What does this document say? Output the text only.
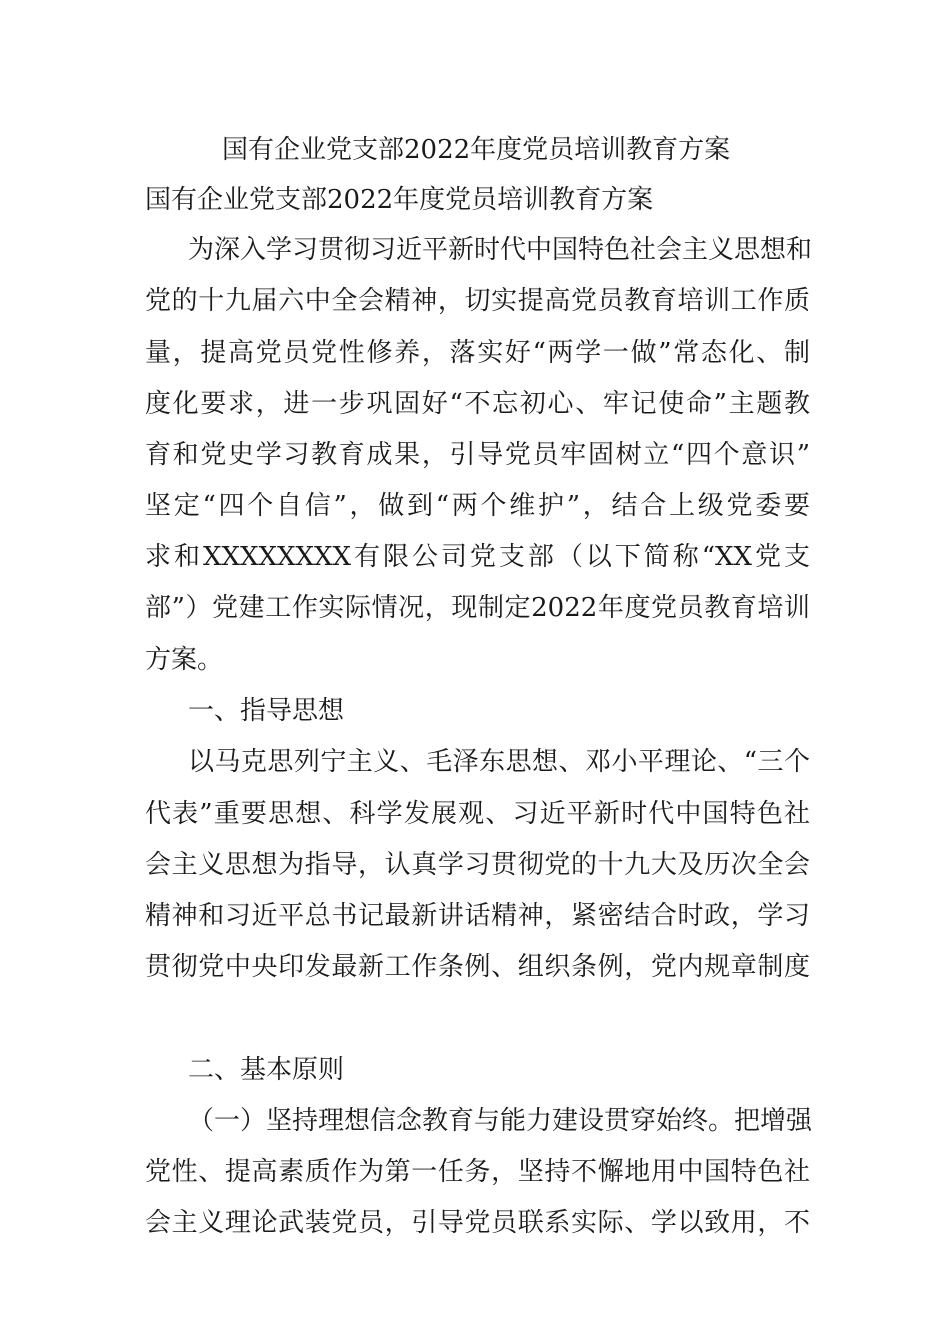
国有企业党支部2022年度党员培训教育方案
国有企业党支部2022年度党员培训教育方案
为深入学习贯彻习近平新时代中国特色社会主义思想和
党的十九届六中全会精神，切实提高党员教育培训工作质
量，提高党员党性修养，落实好“两学一做”常态化、制
度化要求，进一步巩固好“不忘初心、牢记使命”主题教
育和党史学习教育成果，引导党员牢固树立“四个意识”
坚定“四个自信”，做到“两个维护”，结合上级党委要
求和XXXXXXXX有限公司党支部（以下简称“XX党支
部”）党建工作实际情况，现制定2022年度党员教育培训
方案。
一、指导思想
以马克思列宁主义、毛泽东思想、邓小平理论、“三个
代表”重要思想、科学发展观、习近平新时代中国特色社
会主义思想为指导，认真学习贯彻党的十九大及历次全会
精神和习近平总书记最新讲话精神，紧密结合时政，学习
贯彻党中央印发最新工作条例、组织条例，党内规章制度
二、基本原则
（一）坚持理想信念教育与能力建设贯穿始终。把增强
党性、提高素质作为第一任务，坚持不懈地用中国特色社
会主义理论武装党员，引导党员联系实际、学以致用，不
